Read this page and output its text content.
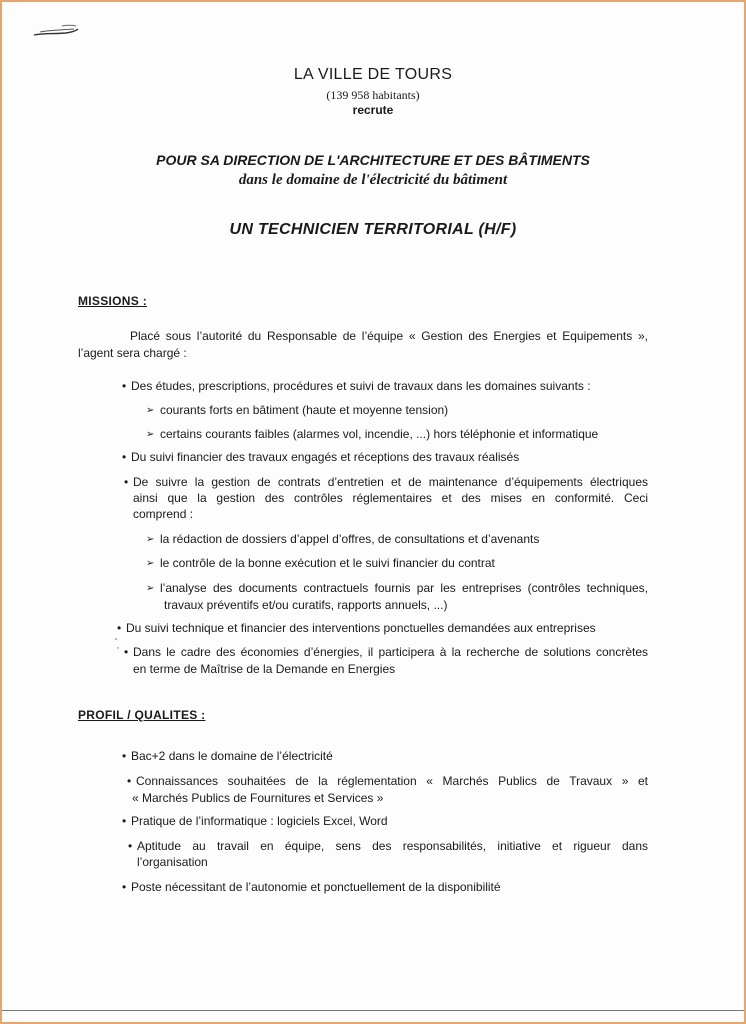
LA VILLE DE TOURS

(139 958 habitants)

recrute

POUR SA DIRECTION DE L'ARCHITECTURE ET DES BÂTIMENTS

dans le domaine de l'électricité du bâtiment

UN TECHNICIEN TERRITORIAL (H/F)

MISSIONS :

Placé sous l’autorité du Responsable de l’équipe « Gestion des Energies et Equipements »,

l’agent sera chargé :

• Des études, prescriptions, procédures et suivi de travaux dans les domaines suivants :

➢ courants forts en bâtiment (haute et moyenne tension)

➢ certains courants faibles (alarmes vol, incendie, ...) hors téléphonie et informatique

• Du suivi financier des travaux engagés et réceptions des travaux réalisés

• De suivre la gestion de contrats d’entretien et de maintenance d’équipements électriques

ainsi que la gestion des contrôles réglementaires et des mises en conformité. Ceci

comprend :

➢ la rédaction de dossiers d’appel d’offres, de consultations et d’avenants

➢ le contrôle de la bonne exécution et le suivi financier du contrat

➢ l’analyse des documents contractuels fournis par les entreprises (contrôles techniques,

travaux préventifs et/ou curatifs, rapports annuels, ...)

• Du suivi technique et financier des interventions ponctuelles demandées aux entreprises

• Dans le cadre des économies d’énergies, il participera à la recherche de solutions concrètes

en terme de Maîtrise de la Demande en Energies

PROFIL / QUALITES :

• Bac+2 dans le domaine de l’électricité

• Connaissances souhaitées de la réglementation « Marchés Publics de Travaux » et

« Marchés Publics de Fournitures et Services »

• Pratique de l’informatique : logiciels Excel, Word

• Aptitude au travail en équipe, sens des responsabilités, initiative et rigueur dans

l’organisation

• Poste nécessitant de l’autonomie et ponctuellement de la disponibilité
